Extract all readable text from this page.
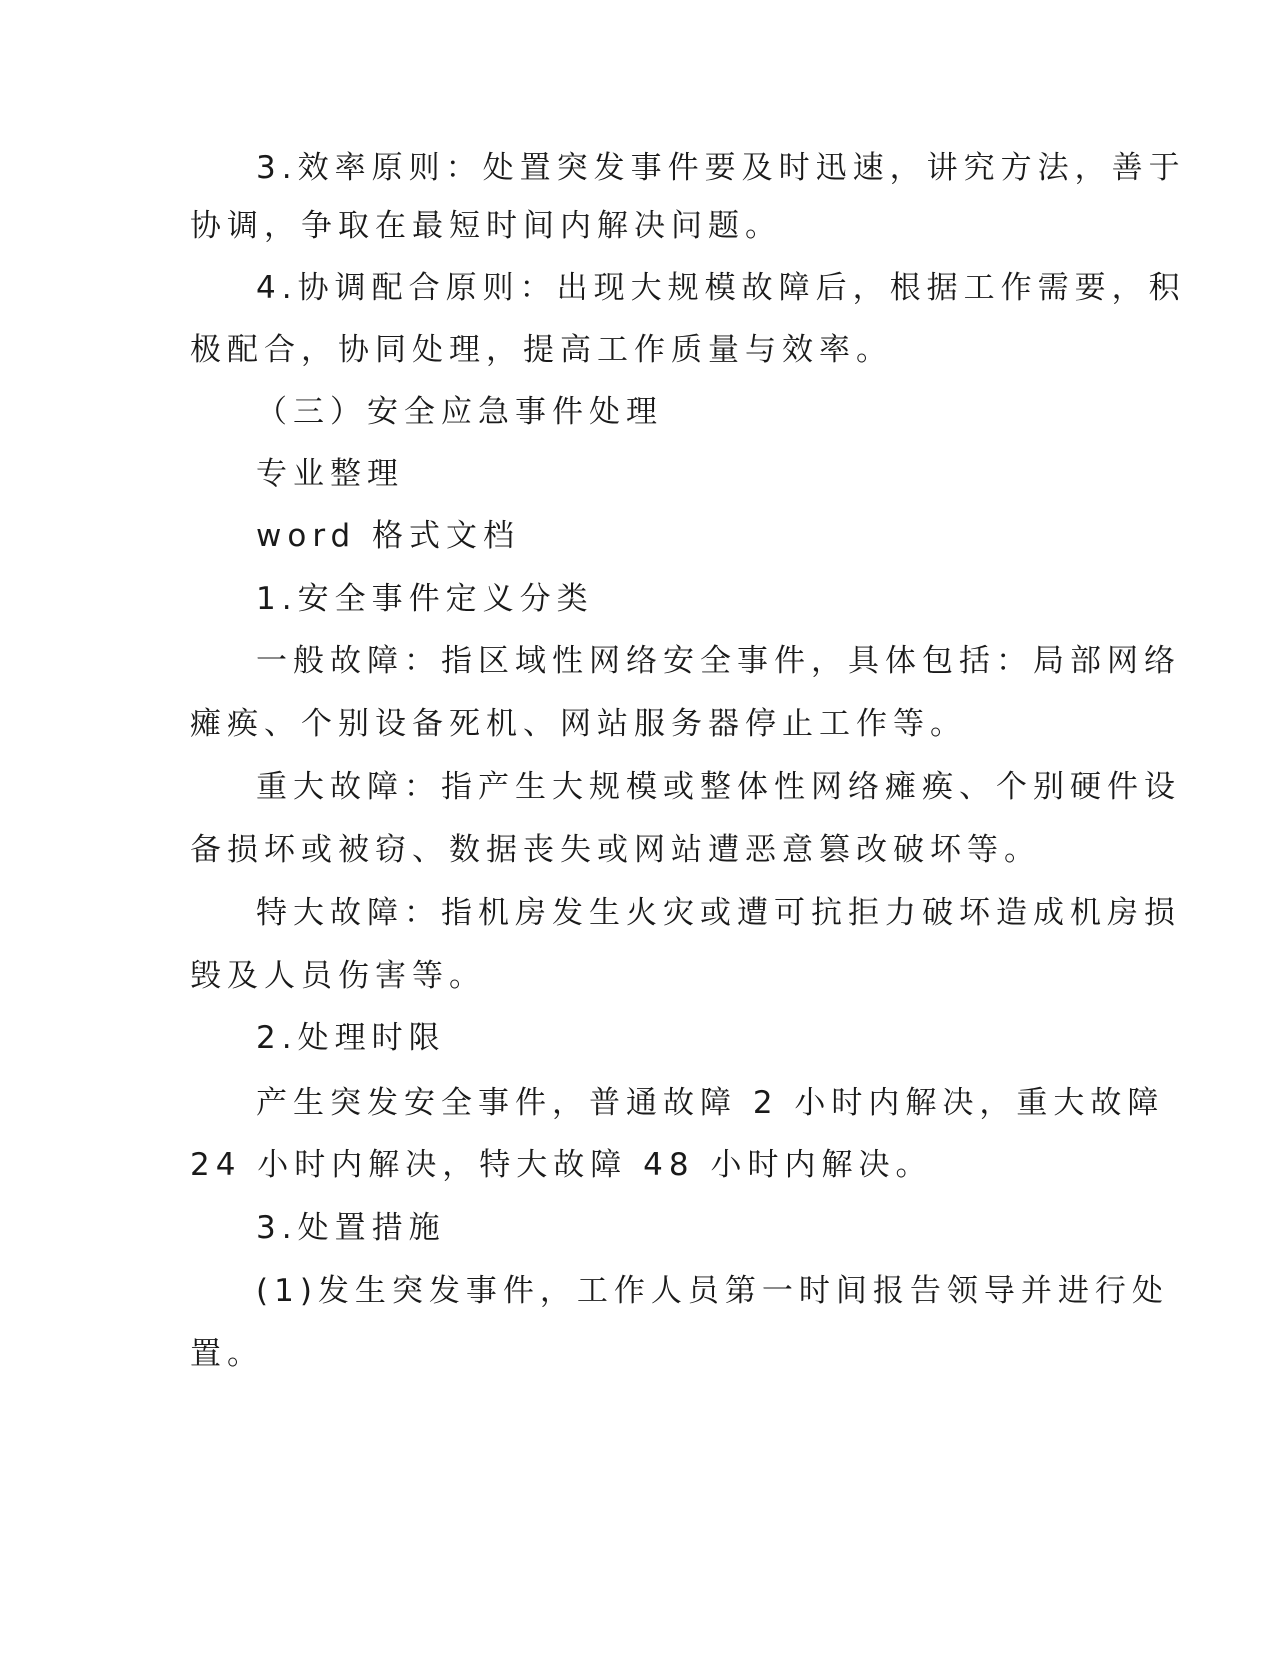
3.效率原则：处置突发事件要及时迅速，讲究方法，善于

协调，争取在最短时间内解决问题。

4.协调配合原则：出现大规模故障后，根据工作需要，积

极配合，协同处理，提高工作质量与效率。

（三）安全应急事件处理

专业整理

word 格式文档

1.安全事件定义分类

一般故障：指区域性网络安全事件，具体包括：局部网络

瘫痪、个别设备死机、网站服务器停止工作等。

重大故障：指产生大规模或整体性网络瘫痪、个别硬件设

备损坏或被窃、数据丧失或网站遭恶意篡改破坏等。

特大故障：指机房发生火灾或遭可抗拒力破坏造成机房损

毁及人员伤害等。

2.处理时限

产生突发安全事件，普通故障 2 小时内解决，重大故障

24 小时内解决，特大故障 48 小时内解决。

3.处置措施

(1)发生突发事件，工作人员第一时间报告领导并进行处

置。
